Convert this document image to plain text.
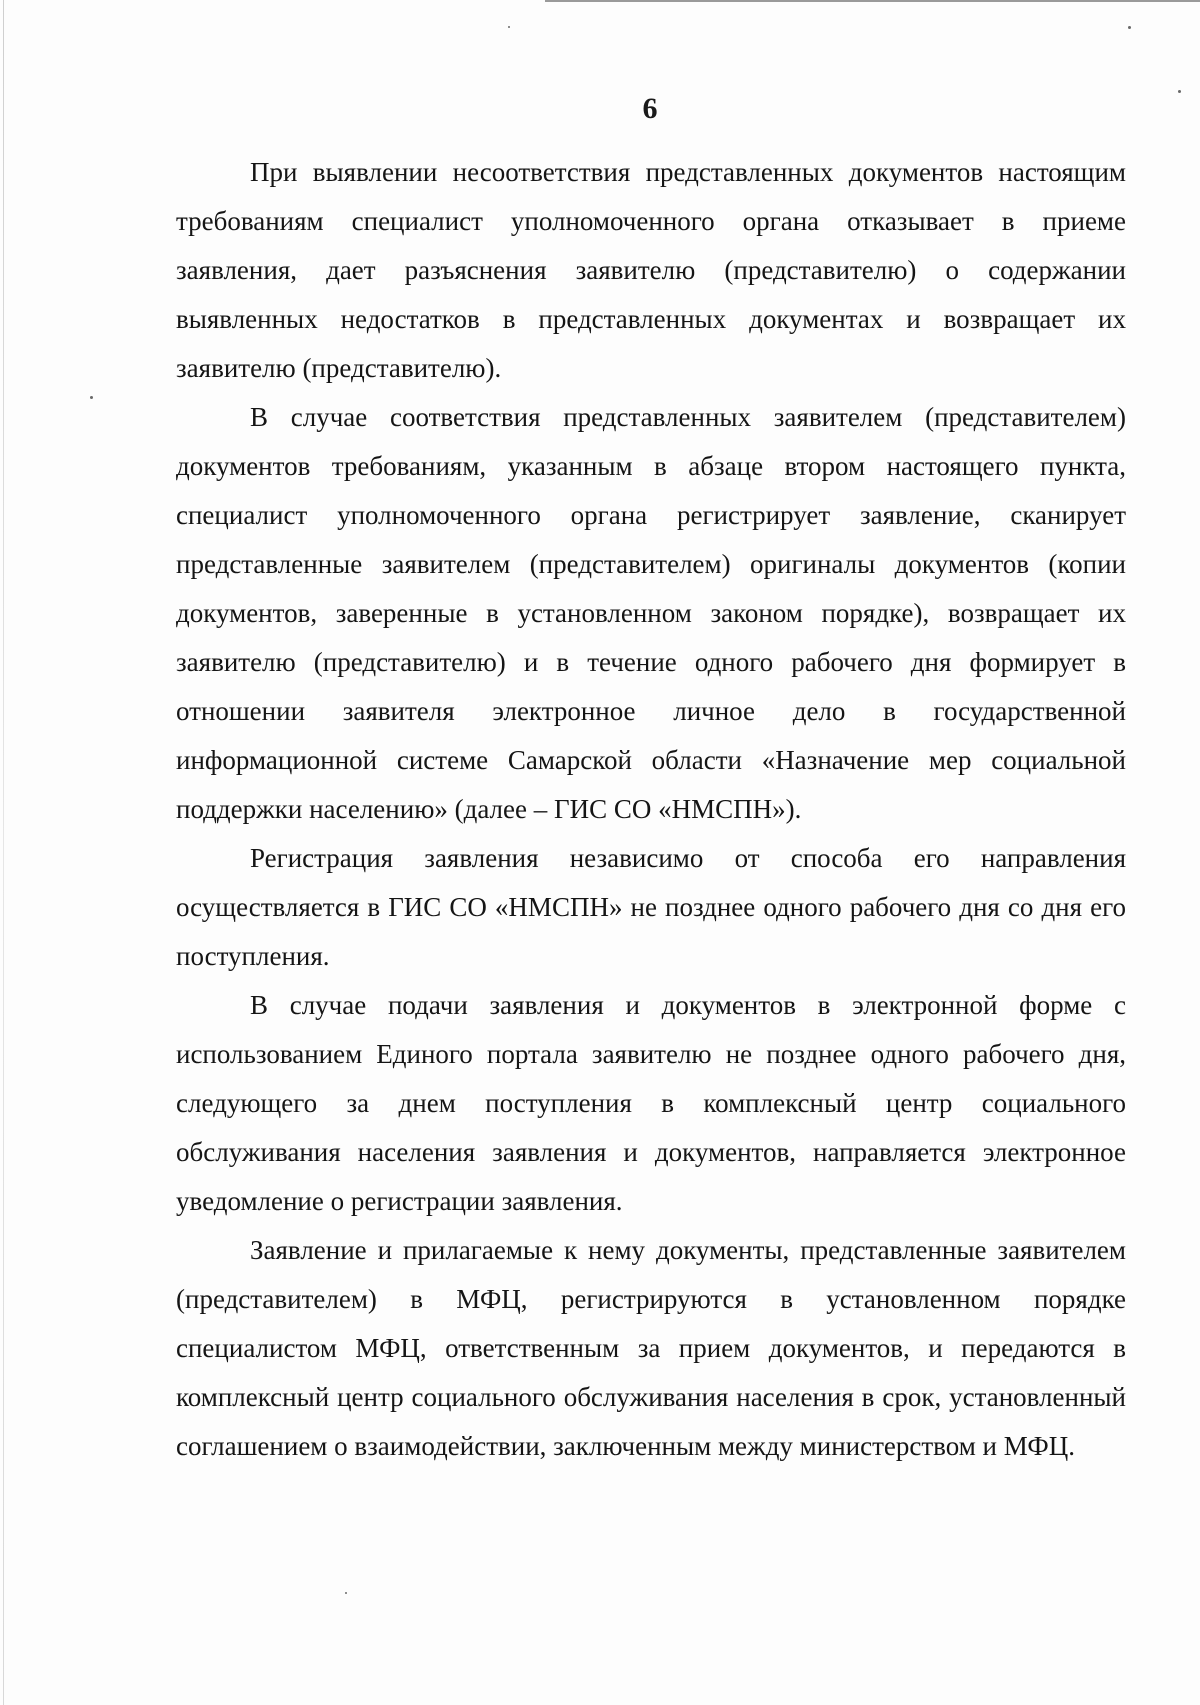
6

При выявлении несоответствия представленных документов настоящим требованиям специалист уполномоченного органа отказывает в приеме заявления, дает разъяснения заявителю (представителю) о содержании выявленных недостатков в представленных документах и возвращает их заявителю (представителю).

В случае соответствия представленных заявителем (представителем) документов требованиям, указанным в абзаце втором настоящего пункта, специалист уполномоченного органа регистрирует заявление, сканирует представленные заявителем (представителем) оригиналы документов (копии документов, заверенные в установленном законом порядке), возвращает их заявителю (представителю) и в течение одного рабочего дня формирует в отношении заявителя электронное личное дело в государственной информационной системе Самарской области «Назначение мер социальной поддержки населению» (далее – ГИС СО «НМСПН»).

Регистрация заявления независимо от способа его направления осуществляется в ГИС СО «НМСПН» не позднее одного рабочего дня со дня его поступления.

В случае подачи заявления и документов в электронной форме с использованием Единого портала заявителю не позднее одного рабочего дня, следующего за днем поступления в комплексный центр социального обслуживания населения заявления и документов, направляется электронное уведомление о регистрации заявления.

Заявление и прилагаемые к нему документы, представленные заявителем (представителем) в МФЦ, регистрируются в установленном порядке специалистом МФЦ, ответственным за прием документов, и передаются в комплексный центр социального обслуживания населения в срок, установленный соглашением о взаимодействии, заключенным между министерством и МФЦ.
